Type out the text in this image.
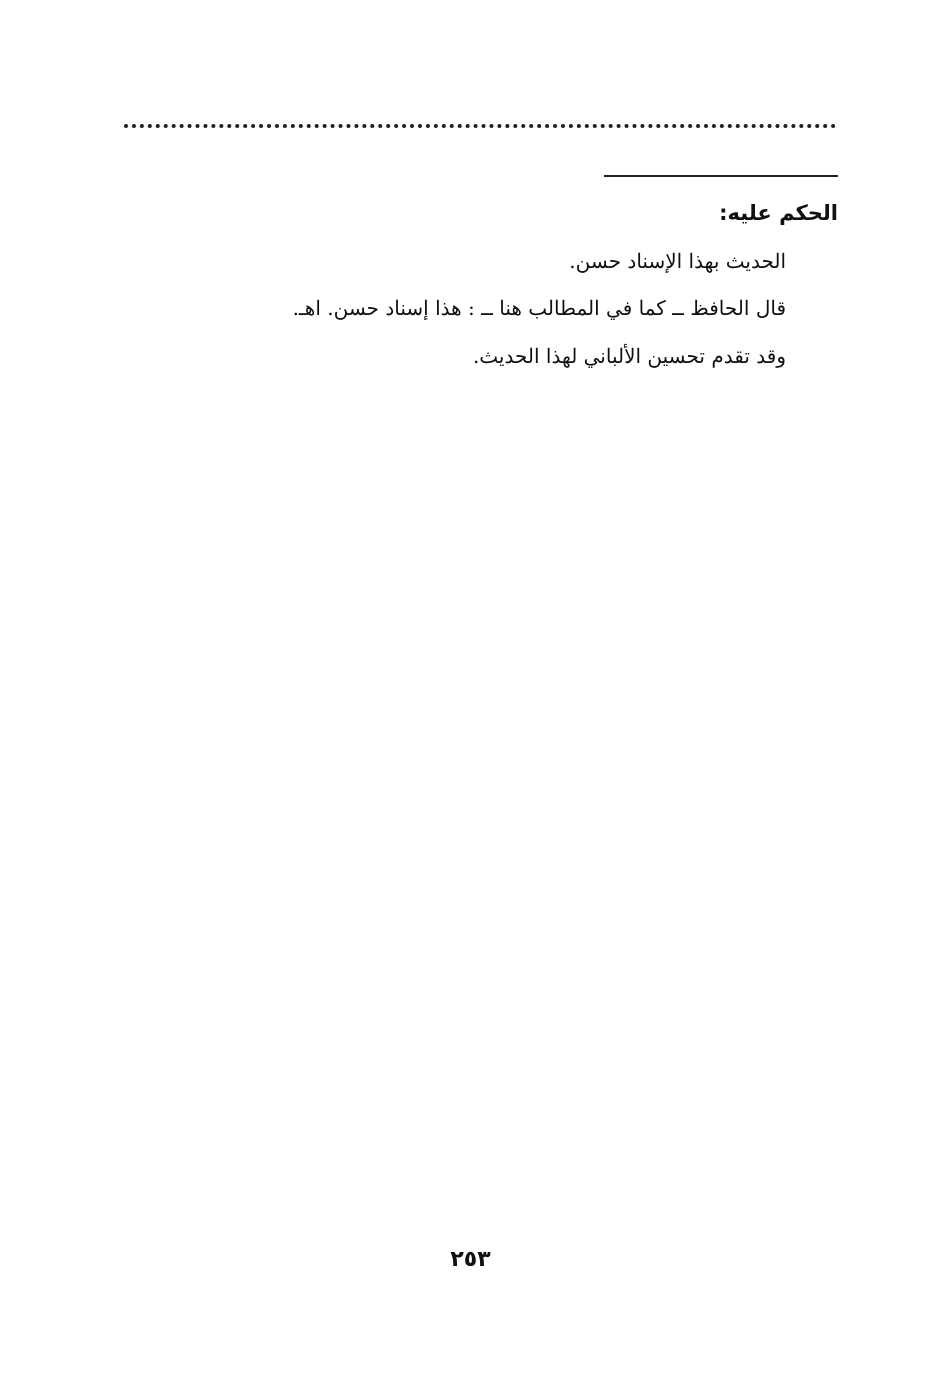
الحكم عليه:

الحديث بهذا الإسناد حسن.

قال الحافظ ــ كما في المطالب هنا ــ : هذا إسناد حسن. اهـ.

وقد تقدم تحسين الألباني لهذا الحديث.

٢٥٣
